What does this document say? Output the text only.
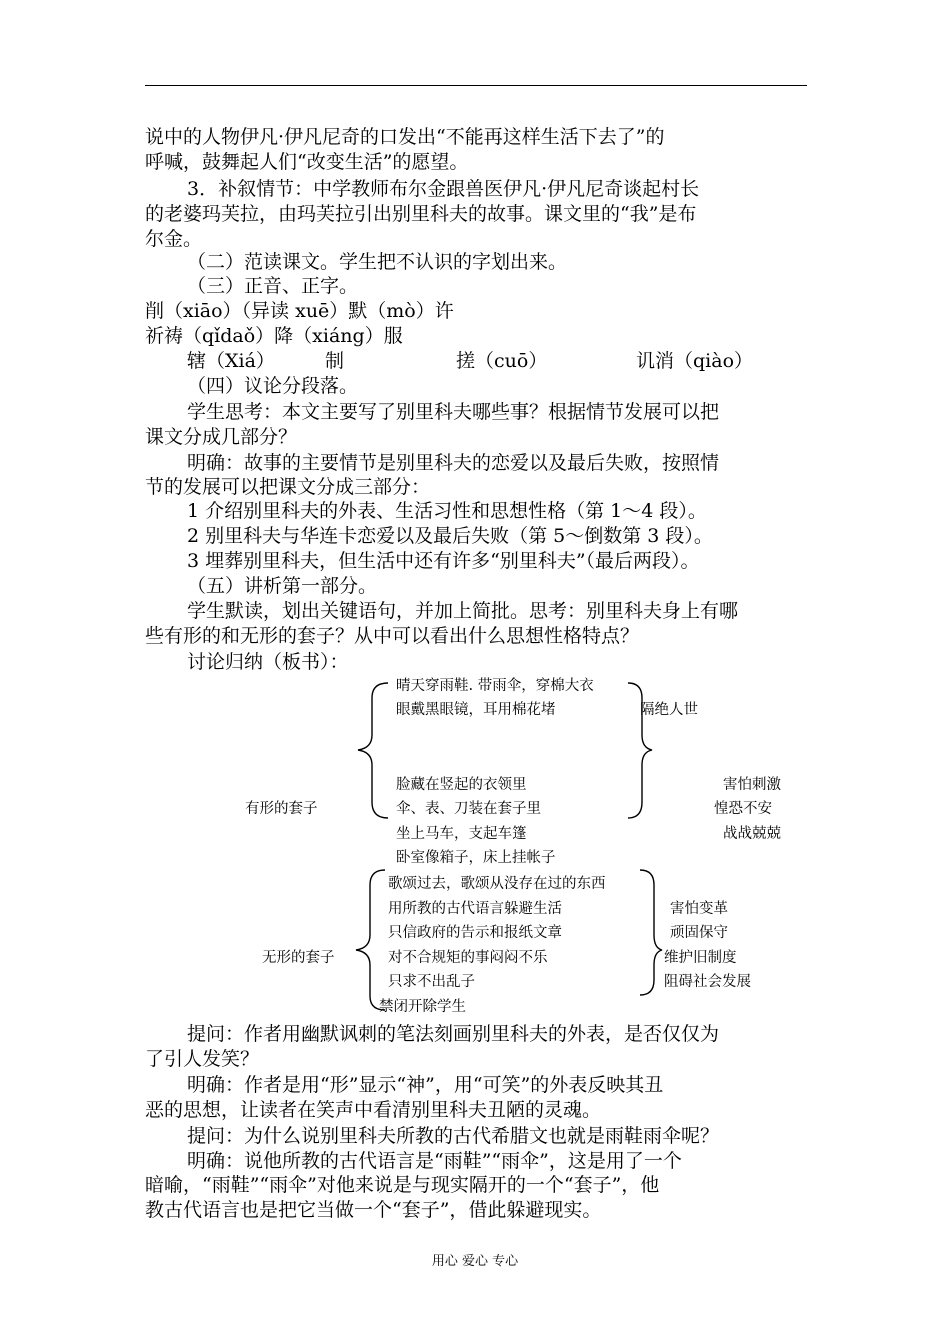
说中的人物伊凡·伊凡尼奇的口发出“不能再这样生活下去了”的
呼喊，鼓舞起人们“改变生活”的愿望。
3．补叙情节：中学教师布尔金跟兽医伊凡·伊凡尼奇谈起村长
的老婆玛芙拉，由玛芙拉引出别里科夫的故事。课文里的“我”是布
尔金。
（二）范读课文。学生把不认识的字划出来。
（三）正音、正字。
削（xiāo）（异读 xuē）默（mò）许
祈祷（qǐdaǒ）降（xiáng）服
辖（Xiá）	制	搓（cuō）	讥消（qiào）
（四）议论分段落。
学生思考：本文主要写了别里科夫哪些事？根据情节发展可以把
课文分成几部分？
明确：故事的主要情节是别里科夫的恋爱以及最后失败，按照情
节的发展可以把课文分成三部分：
1 介绍别里科夫的外表、生活习性和思想性格（第 1～4 段）。
2 别里科夫与华连卡恋爱以及最后失败（第 5～倒数第 3 段）。
3 埋葬别里科夫，但生活中还有许多“别里科夫”（最后两段）。
（五）讲析第一部分。
学生默读，划出关键语句，并加上简批。思考：别里科夫身上有哪
些有形的和无形的套子？从中可以看出什么思想性格特点？
讨论归纳（板书）：
晴天穿雨鞋. 带雨伞，穿棉大衣
眼戴黑眼镜，耳用棉花堵	隔绝人世
脸藏在竖起的衣领里
伞、表、刀装在套子里
坐上马车，支起车篷
卧室像箱子，床上挂帐子
有形的套子
害怕刺激
惶恐不安
战战兢兢
歌颂过去，歌颂从没存在过的东西
用所教的古代语言躲避生活
只信政府的告示和报纸文章
对不合规矩的事闷闷不乐
只求不出乱子
禁闭开除学生
无形的套子
害怕变革
顽固保守
维护旧制度
阻碍社会发展
提问：作者用幽默讽刺的笔法刻画别里科夫的外表，是否仅仅为
了引人发笑？
明确：作者是用“形”显示“神”，用“可笑”的外表反映其丑
恶的思想，让读者在笑声中看清别里科夫丑陋的灵魂。
提问：为什么说别里科夫所教的古代希腊文也就是雨鞋雨伞呢？
明确：说他所教的古代语言是“雨鞋”“雨伞”，这是用了一个
暗喻，“雨鞋”“雨伞”对他来说是与现实隔开的一个“套子”，他
教古代语言也是把它当做一个“套子”，借此躲避现实。
用心 爱心 专心
